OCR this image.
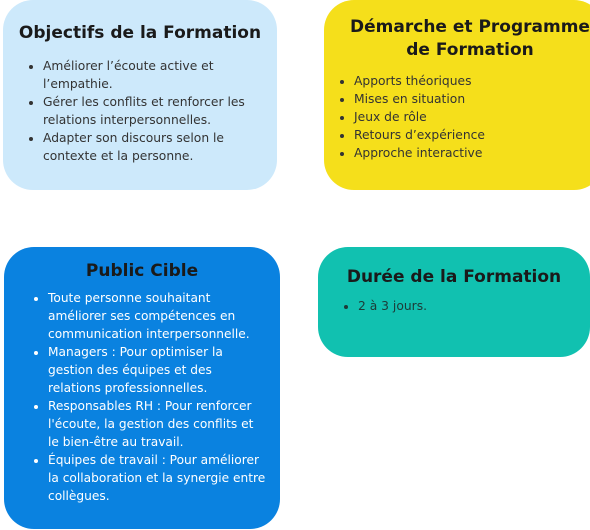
Objectifs de la Formation
• Améliorer l’écoute active et l’empathie.
• Gérer les conflits et renforcer les relations interpersonnelles.
• Adapter son discours selon le contexte et la personne.
Démarche et Programme de Formation
• Apports théoriques
• Mises en situation
• Jeux de rôle
• Retours d’expérience
• Approche interactive
Public Cible
• Toute personne souhaitant améliorer ses compétences en communication interpersonnelle.
• Managers : Pour optimiser la gestion des équipes et des relations professionnelles.
• Responsables RH : Pour renforcer l'écoute, la gestion des conflits et le bien-être au travail.
• Équipes de travail : Pour améliorer la collaboration et la synergie entre collègues.
Durée de la Formation
• 2 à 3 jours.
